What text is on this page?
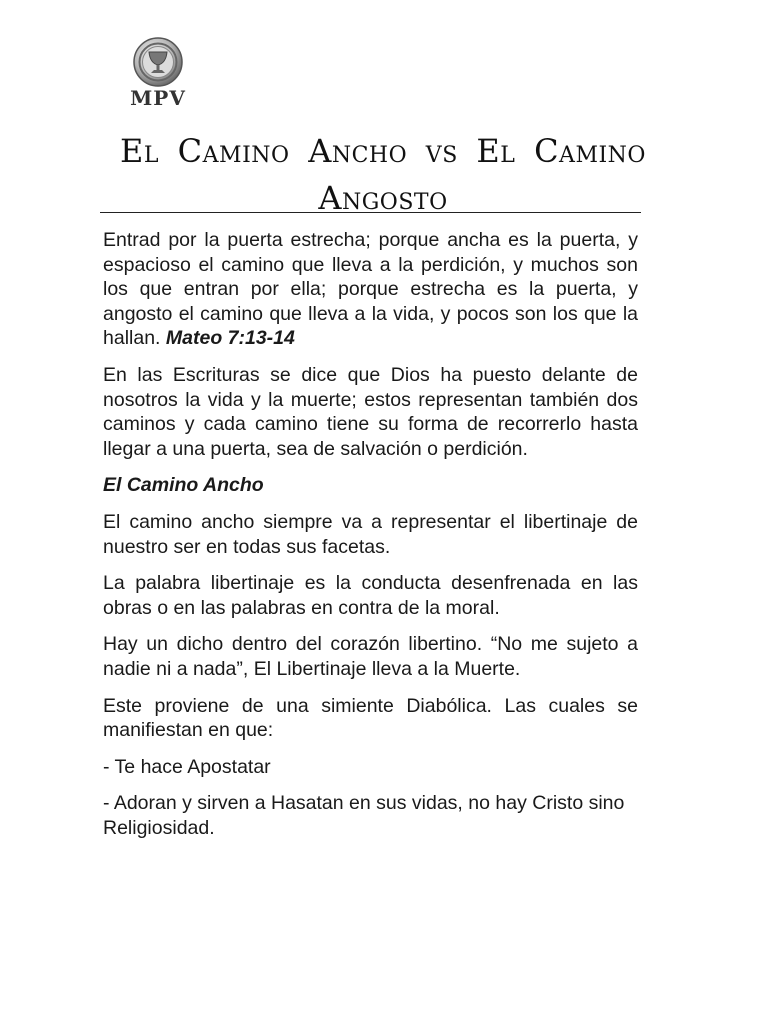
MPV
El Camino Ancho vs El Camino Angosto

Entrad por la puerta estrecha; porque ancha es la puerta, y espacioso el camino que lleva a la perdición, y muchos son los que entran por ella; porque estrecha es la puerta, y angosto el camino que lleva a la vida, y pocos son los que la hallan. Mateo 7:13-14

En las Escrituras se dice que Dios ha puesto delante de nosotros la vida y la muerte; estos representan también dos caminos y cada camino tiene su forma de recorrerlo hasta llegar a una puerta, sea de salvación o perdición.

El Camino Ancho

El camino ancho siempre va a representar el libertinaje de nuestro ser en todas sus facetas.

La palabra libertinaje es la conducta desenfrenada en las obras o en las palabras en contra de la moral.

Hay un dicho dentro del corazón libertino. “No me sujeto a nadie ni a nada”, El Libertinaje lleva a la Muerte.

Este proviene de una simiente Diabólica. Las cuales se manifiestan en que:

- Te hace Apostatar

- Adoran y sirven a Hasatan en sus vidas, no hay Cristo sino Religiosidad.
